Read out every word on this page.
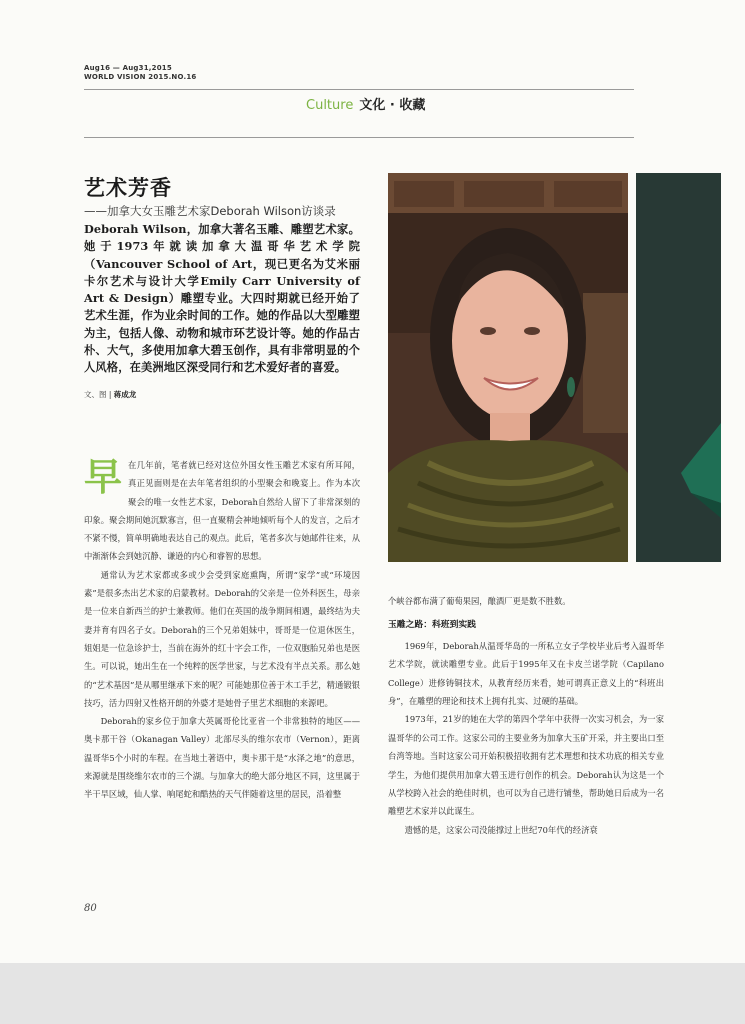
Aug16 — Aug31,2015
WORLD VISION 2015.NO.16
Culture 文化 · 收藏
艺术芳香
——加拿大女玉雕艺术家Deborah Wilson访谈录
Deborah Wilson，加拿大著名玉雕、雕塑艺术家。她于1973年就读加拿大温哥华艺术学院（Vancouver School of Art，现已更名为艾米丽卡尔艺术与设计大学Emily Carr University of Art & Design）雕塑专业。大四时期就已经开始了艺术生涯，作为业余时间的工作。她的作品以大型雕塑为主，包括人像、动物和城市环艺设计等。她的作品古朴、大气，多使用加拿大碧玉创作，具有非常明显的个人风格，在美洲地区深受同行和艺术爱好者的喜爱。
文、图 | 蒋成龙

早在几年前，笔者就已经对这位外国女性玉雕艺术家有所耳闻，真正见面则是在去年笔者组织的小型聚会和晚宴上。作为本次聚会的唯一女性艺术家，Deborah自然给人留下了非常深刻的印象。聚会期间她沉默寡言，但一直聚精会神地倾听每个人的发言，之后才不紧不慢，简单明确地表达自己的观点。此后，笔者多次与她邮件往来，从中渐渐体会到她沉静、谦逊的内心和睿智的思想。

通常认为艺术家都或多或少会受到家庭熏陶，所谓“家学”或“环境因素”是很多杰出艺术家的启蒙教材。Deborah的父亲是一位外科医生，母亲是一位来自新西兰的护士兼教师。他们在英国的战争期间相遇，最终结为夫妻并育有四名子女。Deborah的三个兄弟姐妹中，哥哥是一位退休医生，姐姐是一位急诊护士，当前在海外的红十字会工作，一位双胞胎兄弟也是医生。可以说，她出生在一个纯粹的医学世家，与艺术没有半点关系。那么她的“艺术基因”是从哪里继承下来的呢？可能她那位善于木工手艺，精通锻银技巧，活力四射又性格开朗的外婆才是她骨子里艺术细胞的来源吧。

Deborah的家乡位于加拿大英属哥伦比亚省一个非常独特的地区——奥卡那干谷（Okanagan Valley）北部尽头的维尔农市（Vernon），距离温哥华5个小时的车程。在当地土著语中，奥卡那干是“水泽之地”的意思，来源就是围绕维尔农市的三个湖。与加拿大的绝大部分地区不同，这里属于半干旱区域，仙人掌、响尾蛇和酷热的天气伴随着这里的居民，沿着整

个峡谷都布满了葡萄果园，酿酒厂更是数不胜数。

玉雕之路：科班到实践

1969年，Deborah从温哥华岛的一所私立女子学校毕业后考入温哥华艺术学院，就读雕塑专业。此后于1995年又在卡皮兰诺学院（Capilano College）进修铸铜技术，从教育经历来看，她可谓真正意义上的“科班出身”，在雕塑的理论和技术上拥有扎实、过硬的基础。

1973年，21岁的她在大学的第四个学年中获得一次实习机会，为一家温哥华的公司工作。这家公司的主要业务为加拿大玉矿开采，并主要出口至台湾等地。当时这家公司开始积极招收拥有艺术理想和技术功底的相关专业学生，为他们提供用加拿大碧玉进行创作的机会。Deborah认为这是一个从学校跨入社会的绝佳时机，也可以为自己进行铺垫，帮助她日后成为一名雕塑艺术家并以此谋生。

遗憾的是，这家公司没能撑过上世纪70年代的经济衰

80
